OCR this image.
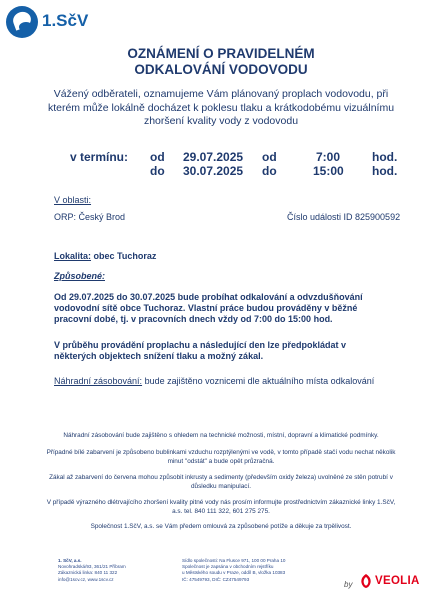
1.SčV
OZNÁMENÍ O PRAVIDELNÉM
ODKALOVÁNÍ VODOVODU
Vážený odběrateli, oznamujeme Vám plánovaný proplach vodovodu, při kterém může lokálně docházet k poklesu tlaku a krátkodobému vizuálnímu zhoršení kvality vody z vodovodu
v termínu: od 29.07.2025 od	7:00	hod.
do 30.07.2025 do	15:00 hod.
V oblasti:
ORP: Český Brod	Číslo události ID 825900592
Lokalita: obec Tuchoraz
Způsobené:
Od 29.07.2025 do 30.07.2025 bude probíhat odkalování a odvzdušňování vodovodní sítě obce Tuchoraz. Vlastní práce budou prováděny v běžné pracovní dobé, tj. v pracovních dnech vždy od 7:00 do 15:00 hod.
V průběhu provádění proplachu a následující den lze předpokládat v některých objektech snížení tlaku a možný zákal.
Náhradní zásobování: bude zajištěno voznicemi dle aktuálního místa odkalování
Náhradní zásobování bude zajištěno s ohledem na technické možnosti, místní, dopravní a klimatické podmínky.
Případné bílé zabarvení je způsobeno bublinkami vzduchu rozptýlenými ve vodě, v tomto případě stačí vodu nechat několik minut "odstát" a bude opět průzračná.
Zákal až zabarvení do červena mohou způsobit inkrusty a sedimenty (především oxidy železa) uvolněné ze stěn potrubí v důsledku manipulací.
V případě výrazného dlétrvajícího zhoršení kvality pitné vody nás prosím informujte prostřednictvím zákaznické linky 1.SčV, a.s. tel. 840 111 322, 601 275 275.
Společnost 1.SčV, a.s. se Vám předem omlouvá za způsobené potíže a děkuje za trpělivost.
1. SčV, a.s.
Novohradská/93, 361/21 Příbram
Zákaznická linka: 840 11 322
info@1scv.cz, www.1scv.cz
Sídlo společnosti: Na Flusce 971, 100 00 Praha 10
Společnost je zapsána v obchodním rejstříku
u Městského soudu v Praze, oddíl B, vložka 10383
IČ: 47549793, DIČ: CZ47549793
by VEOLIA
